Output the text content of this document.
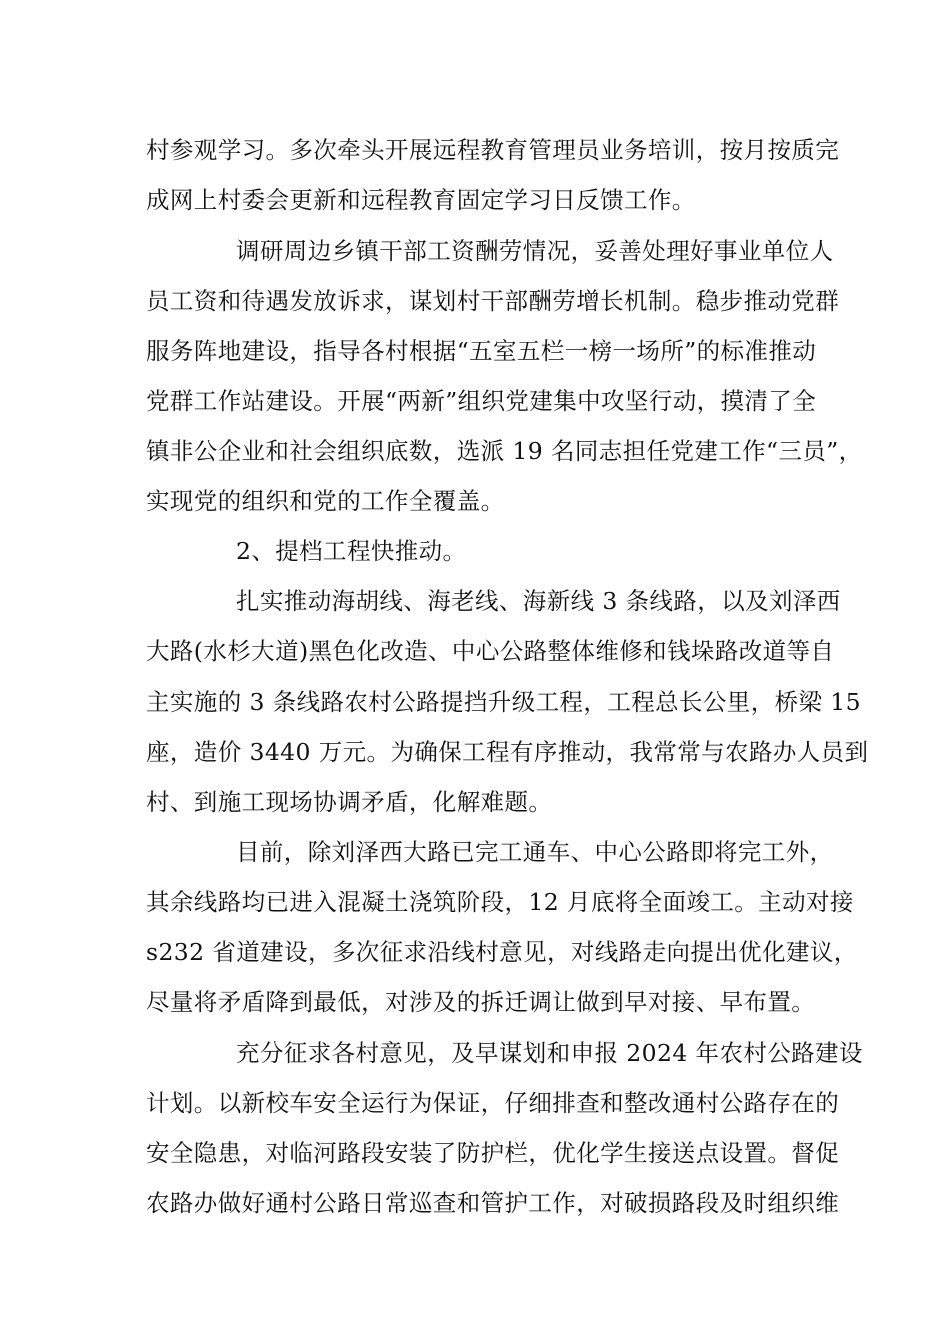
村参观学习。多次牵头开展远程教育管理员业务培训，按月按质完
成网上村委会更新和远程教育固定学习日反馈工作。
调研周边乡镇干部工资酬劳情况，妥善处理好事业单位人
员工资和待遇发放诉求，谋划村干部酬劳增长机制。稳步推动党群
服务阵地建设，指导各村根据“五室五栏一榜一场所”的标准推动
党群工作站建设。开展“两新”组织党建集中攻坚行动，摸清了全
镇非公企业和社会组织底数，选派 19 名同志担任党建工作“三员”，
实现党的组织和党的工作全覆盖。
2、提档工程快推动。
扎实推动海胡线、海老线、海新线 3 条线路，以及刘泽西
大路(水杉大道)黑色化改造、中心公路整体维修和钱垛路改道等自
主实施的 3 条线路农村公路提挡升级工程，工程总长公里，桥梁 15
座，造价 3440 万元。为确保工程有序推动，我常常与农路办人员到
村、到施工现场协调矛盾，化解难题。
目前，除刘泽西大路已完工通车、中心公路即将完工外，
其余线路均已进入混凝土浇筑阶段，12 月底将全面竣工。主动对接
s232 省道建设，多次征求沿线村意见，对线路走向提出优化建议，
尽量将矛盾降到最低，对涉及的拆迁调让做到早对接、早布置。
充分征求各村意见，及早谋划和申报 2024 年农村公路建设
计划。以新校车安全运行为保证，仔细排查和整改通村公路存在的
安全隐患，对临河路段安装了防护栏，优化学生接送点设置。督促
农路办做好通村公路日常巡查和管护工作，对破损路段及时组织维
